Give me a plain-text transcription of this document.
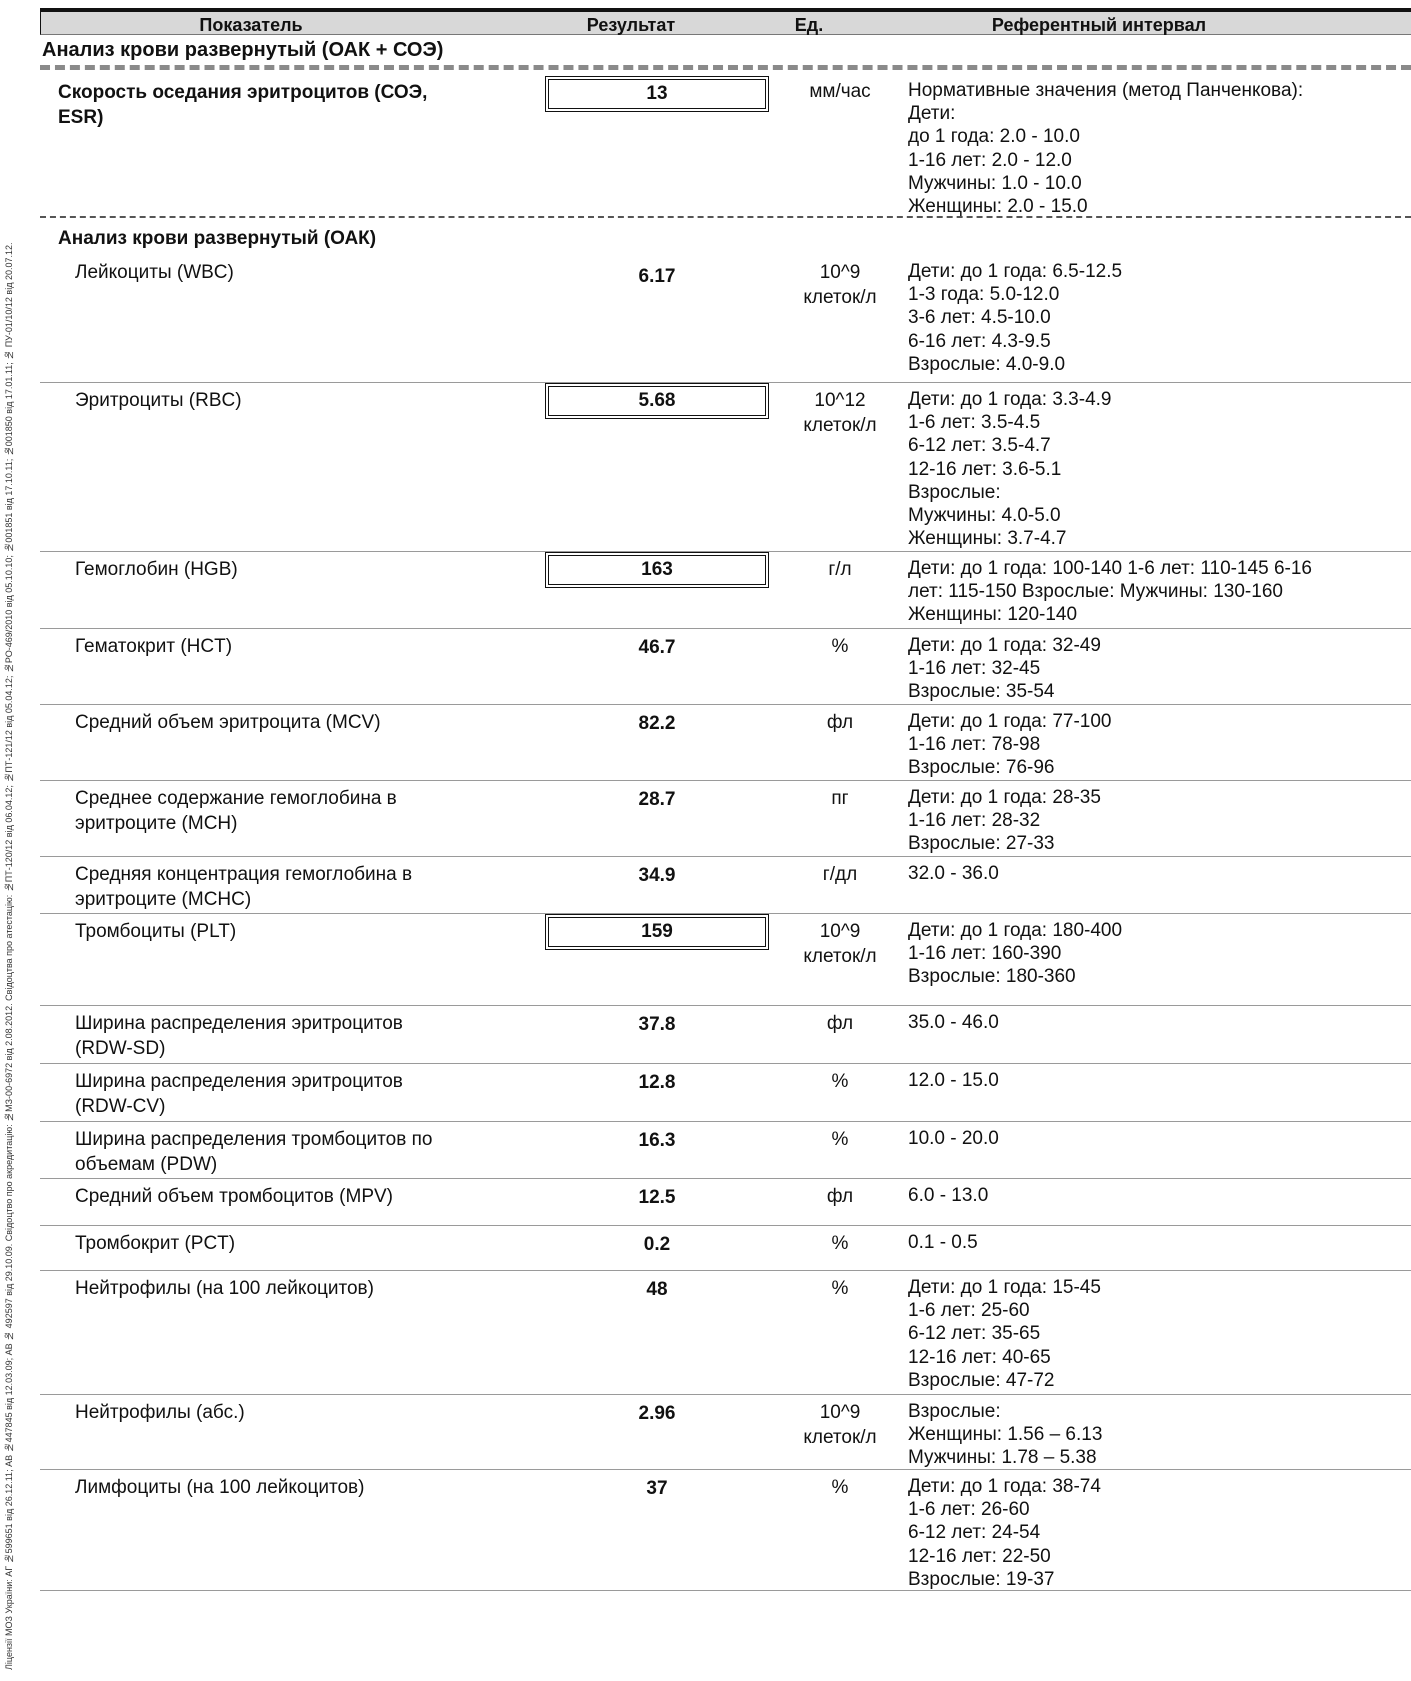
Ліцензії МОЗ України: АГ №599651 від 26.12.11; АВ №447845 від 12.03.09; АВ № 492597 від 29.10.09. Свідоцтво про акредитацію: №МЗ-00-6972 від 2.08.2012. Свідоцтва про атестацію: №ПТ-120/12 від 06.04.12; №ПТ-121/12 від 05.04.12; №РО-469/2010 від 05.10.10; №001851 від 17.10.11; №001850 від 17.01.11; № ПУ-01/10/12 від 20.07.12.
Показатель	Результат	Ед.	Референтный интервал
Анализ крови развернутый (ОАК + СОЭ)
Скорость оседания эритроцитов (СОЭ, ESR)
13	мм/час	Нормативные значения (метод Панченкова):
Дети:
до 1 года: 2.0 - 10.0
1-16 лет: 2.0 - 12.0
Мужчины: 1.0 - 10.0
Женщины: 2.0 - 15.0
Анализ крови развернутый (ОАК)
Лейкоциты (WBC)	6.17	10^9
клеток/л
Дети: до 1 года: 6.5-12.5
1-3 года: 5.0-12.0
3-6 лет: 4.5-10.0
6-16 лет: 4.3-9.5
Взрослые: 4.0-9.0
Эритроциты (RBC)	5.68	10^12
клеток/л
Дети: до 1 года: 3.3-4.9
1-6 лет: 3.5-4.5
6-12 лет: 3.5-4.7
12-16 лет: 3.6-5.1
Взрослые:
Мужчины: 4.0-5.0
Женщины: 3.7-4.7
Гемоглобин (HGB)	163	г/л	Дети: до 1 года: 100-140 1-6 лет: 110-145 6-16
лет: 115-150 Взрослые: Мужчины: 130-160
Женщины: 120-140
Гематокрит (HCT)	46.7	%	Дети: до 1 года: 32-49
1-16 лет: 32-45
Взрослые: 35-54
Средний объем эритроцита (MCV)	82.2	фл	Дети: до 1 года: 77-100
1-16 лет: 78-98
Взрослые: 76-96
Среднее содержание гемоглобина в
эритроците (MCH)
28.7	пг	Дети: до 1 года: 28-35
1-16 лет: 28-32
Взрослые: 27-33
Средняя концентрация гемоглобина в
эритроците (MCHC)
34.9	г/дл	32.0 - 36.0
Тромбоциты (PLT)	159	10^9
клеток/л
Дети: до 1 года: 180-400
1-16 лет: 160-390
Взрослые: 180-360
Ширина распределения эритроцитов
(RDW-SD)
37.8	фл	35.0 - 46.0
Ширина распределения эритроцитов
(RDW-CV)
12.8	%	12.0 - 15.0
Ширина распределения тромбоцитов по
объемам (PDW)
16.3	%	10.0 - 20.0
Средний объем тромбоцитов (MPV)	12.5	фл	6.0 - 13.0
Тромбокрит (PCT)	0.2	%	0.1 - 0.5
Нейтрофилы (на 100 лейкоцитов)	48	%	Дети: до 1 года: 15-45
1-6 лет: 25-60
6-12 лет: 35-65
12-16 лет: 40-65
Взрослые: 47-72
Нейтрофилы (абс.)	2.96	10^9
клеток/л
Взрослые:
Женщины: 1.56 – 6.13
Мужчины: 1.78 – 5.38
Лимфоциты (на 100 лейкоцитов)	37	%	Дети: до 1 года: 38-74
1-6 лет: 26-60
6-12 лет: 24-54
12-16 лет: 22-50
Взрослые: 19-37
